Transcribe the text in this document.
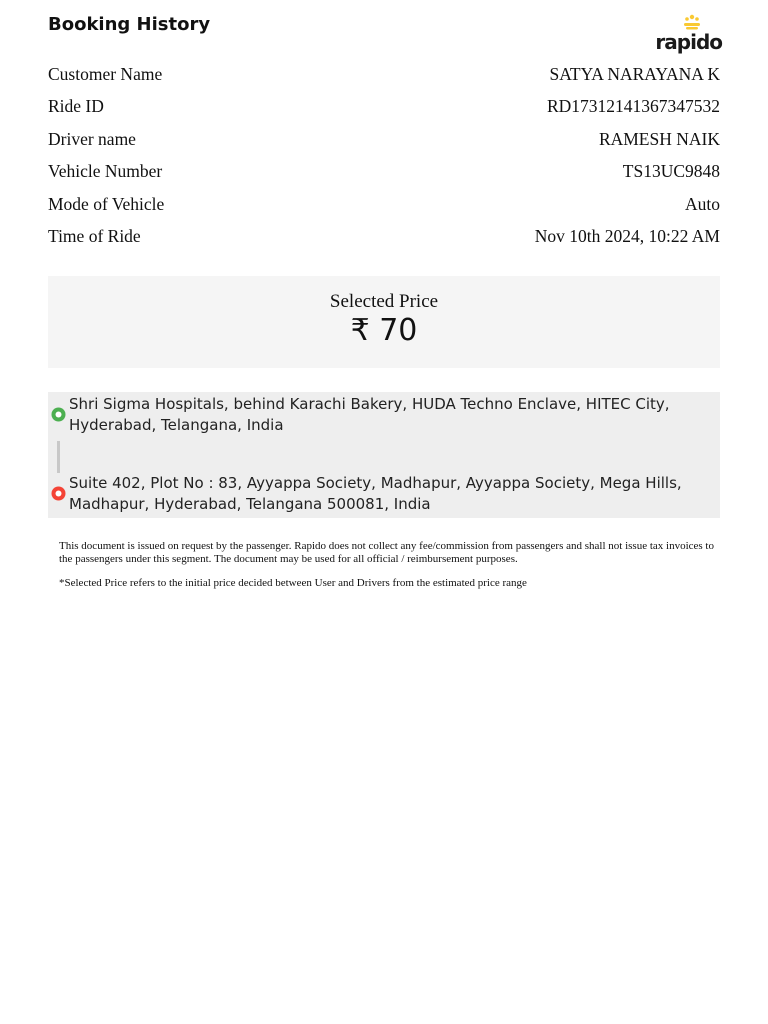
Booking History
rapido
Customer Name	SATYA NARAYANA K
Ride ID	RD17312141367347532
Driver name	RAMESH NAIK
Vehicle Number	TS13UC9848
Mode of Vehicle	Auto
Time of Ride	Nov 10th 2024, 10:22 AM
Selected Price
₹ 70
Shri Sigma Hospitals, behind Karachi Bakery, HUDA Techno Enclave, HITEC City, Hyderabad, Telangana, India
Suite 402, Plot No : 83, Ayyappa Society, Madhapur, Ayyappa Society, Mega Hills, Madhapur, Hyderabad, Telangana 500081, India

This document is issued on request by the passenger. Rapido does not collect any fee/commission from passengers and shall not issue tax invoices to the passengers under this segment. The document may be used for all official / reimbursement purposes.

*Selected Price refers to the initial price decided between User and Drivers from the estimated price range
